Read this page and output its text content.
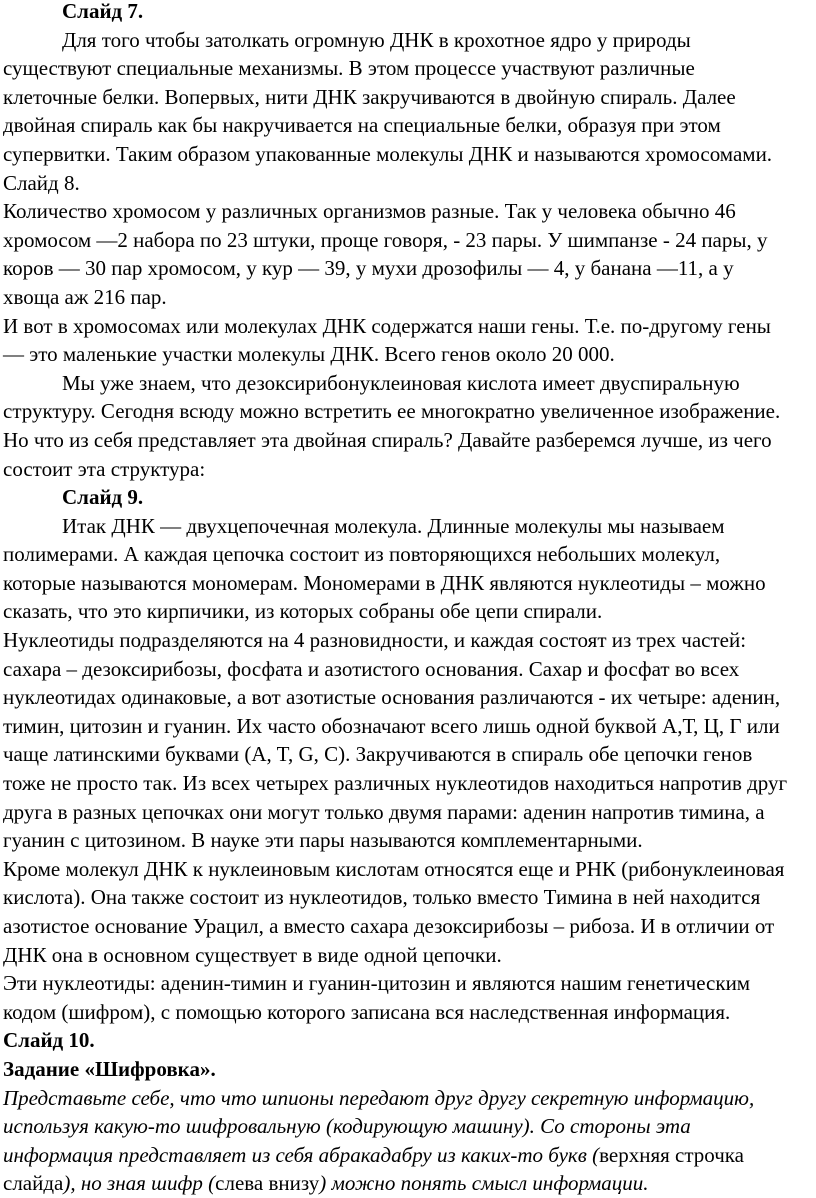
Слайд 7.
Для того чтобы затолкать огромную ДНК в крохотное ядро у природы
существуют специальные механизмы. В этом процессе участвуют различные
клеточные белки. Вопервых, нити ДНК закручиваются в двойную спираль. Далее
двойная спираль как бы накручивается на специальные белки, образуя при этом
супервитки. Таким образом упакованные молекулы ДНК и называются хромосомами.
Слайд 8.
Количество хромосом у различных организмов разные. Так у человека обычно 46
хромосом —2 набора по 23 штуки, проще говоря, - 23 пары. У шимпанзе - 24 пары, у
коров — 30 пар хромосом, у кур — 39, у мухи дрозофилы — 4, у банана —11, а у
хвоща аж 216 пар.
И вот в хромосомах или молекулах ДНК содержатся наши гены. Т.е. по-другому гены
— это маленькие участки молекулы ДНК. Всего генов около 20 000.
Мы уже знаем, что дезоксирибонуклеиновая кислота имеет двуспиральную
структуру. Сегодня всюду можно встретить ее многократно увеличенное изображение.
Но что из себя представляет эта двойная спираль? Давайте разберемся лучше, из чего
состоит эта структура:
Слайд 9.
Итак ДНК — двухцепочечная молекула. Длинные молекулы мы называем
полимерами. А каждая цепочка состоит из повторяющихся небольших молекул,
которые называются мономерам. Мономерами в ДНК являются нуклеотиды – можно
сказать, что это кирпичики, из которых собраны обе цепи спирали.
Нуклеотиды подразделяются на 4 разновидности, и каждая состоят из трех частей:
сахара – дезоксирибозы, фосфата и азотистого основания. Сахар и фосфат во всех
нуклеотидах одинаковые, а вот азотистые основания различаются - их четыре: аденин,
тимин, цитозин и гуанин. Их часто обозначают всего лишь одной буквой А,Т, Ц, Г или
чаще латинскими буквами (A, T, G, C). Закручиваются в спираль обе цепочки генов
тоже не просто так. Из всех четырех различных нуклеотидов находиться напротив друг
друга в разных цепочках они могут только двумя парами: аденин напротив тимина, а
гуанин с цитозином. В науке эти пары называются комплементарными.
Кроме молекул ДНК к нуклеиновым кислотам относятся еще и РНК (рибонуклеиновая
кислота). Она также состоит из нуклеотидов, только вместо Тимина в ней находится
азотистое основание Урацил, а вместо сахара дезоксирибозы – рибоза. И в отличии от
ДНК она в основном существует в виде одной цепочки.
Эти нуклеотиды: аденин-тимин и гуанин-цитозин и являются нашим генетическим
кодом (шифром), с помощью которого записана вся наследственная информация.
Слайд 10.
Задание «Шифровка».
Представьте себе, что что шпионы передают друг другу секретную информацию,
используя какую-то шифровальную (кодирующую машину). Со стороны эта
информация представляет из себя абракадабру из каких-то букв (верхняя строчка
слайда), но зная шифр (слева внизу) можно понять смысл информации.
